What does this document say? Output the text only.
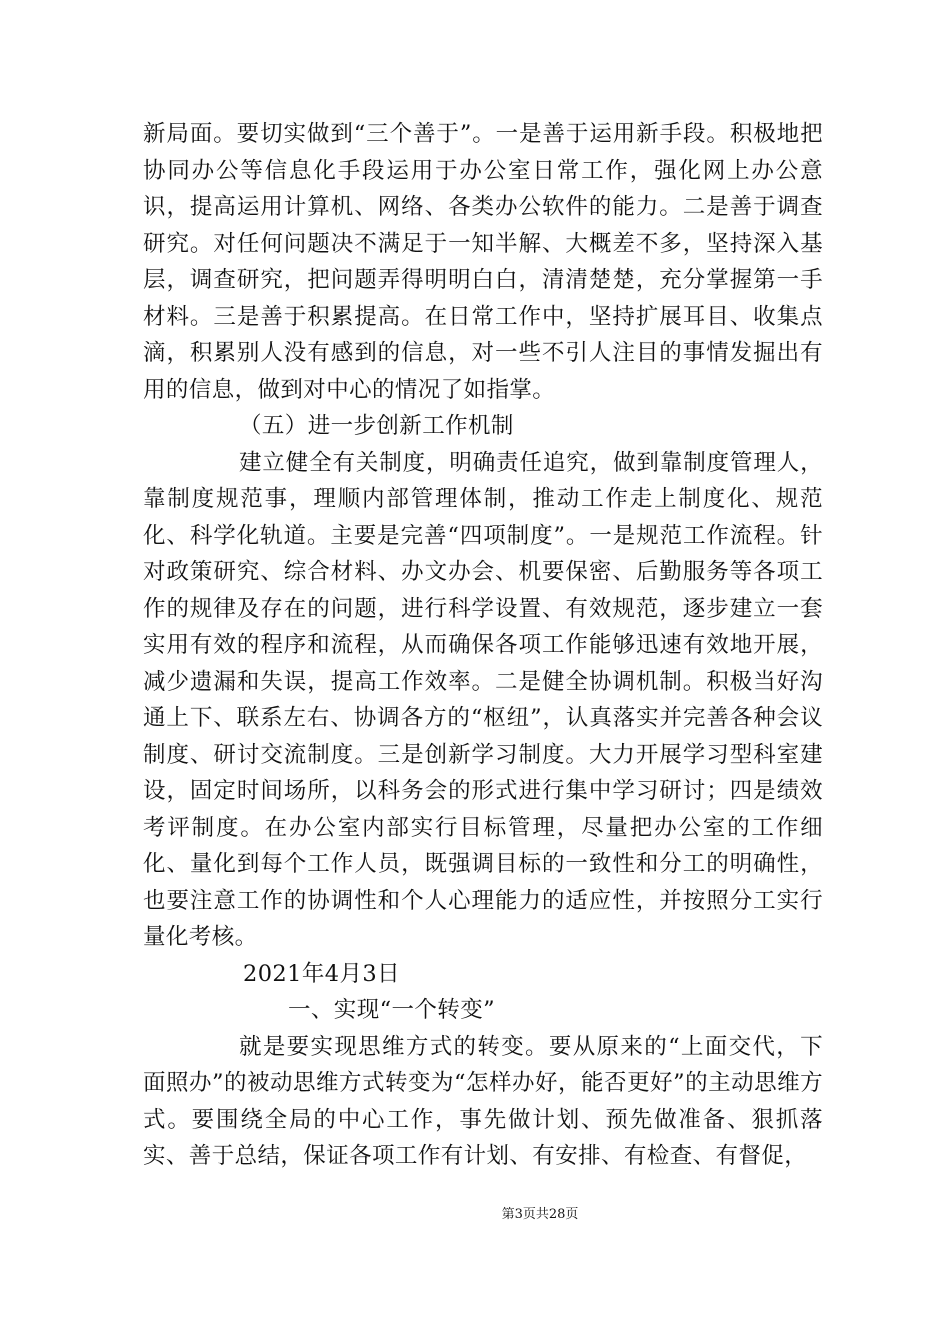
新局面。要切实做到“三个善于”。一是善于运用新手段。积极地把协同办公等信息化手段运用于办公室日常工作，强化网上办公意识，提高运用计算机、网络、各类办公软件的能力。二是善于调查研究。对任何问题决不满足于一知半解、大概差不多，坚持深入基层，调查研究，把问题弄得明明白白，清清楚楚，充分掌握第一手材料。三是善于积累提高。在日常工作中，坚持扩展耳目、收集点滴，积累别人没有感到的信息，对一些不引人注目的事情发掘出有用的信息，做到对中心的情况了如指掌。

（五）进一步创新工作机制

建立健全有关制度，明确责任追究，做到靠制度管理人，靠制度规范事，理顺内部管理体制，推动工作走上制度化、规范化、科学化轨道。主要是完善“四项制度”。一是规范工作流程。针对政策研究、综合材料、办文办会、机要保密、后勤服务等各项工作的规律及存在的问题，进行科学设置、有效规范，逐步建立一套实用有效的程序和流程，从而确保各项工作能够迅速有效地开展，减少遗漏和失误，提高工作效率。二是健全协调机制。积极当好沟通上下、联系左右、协调各方的“枢纽”，认真落实并完善各种会议制度、研讨交流制度。三是创新学习制度。大力开展学习型科室建设，固定时间场所，以科务会的形式进行集中学习研讨；四是绩效考评制度。在办公室内部实行目标管理，尽量把办公室的工作细化、量化到每个工作人员，既强调目标的一致性和分工的明确性，也要注意工作的协调性和个人心理能力的适应性，并按照分工实行量化考核。

2021年4月3日

一、实现“一个转变”

就是要实现思维方式的转变。要从原来的“上面交代，下面照办”的被动思维方式转变为“怎样办好，能否更好”的主动思维方式。要围绕全局的中心工作，事先做计划、预先做准备、狠抓落实、善于总结，保证各项工作有计划、有安排、有检查、有督促，

第3页共28页
